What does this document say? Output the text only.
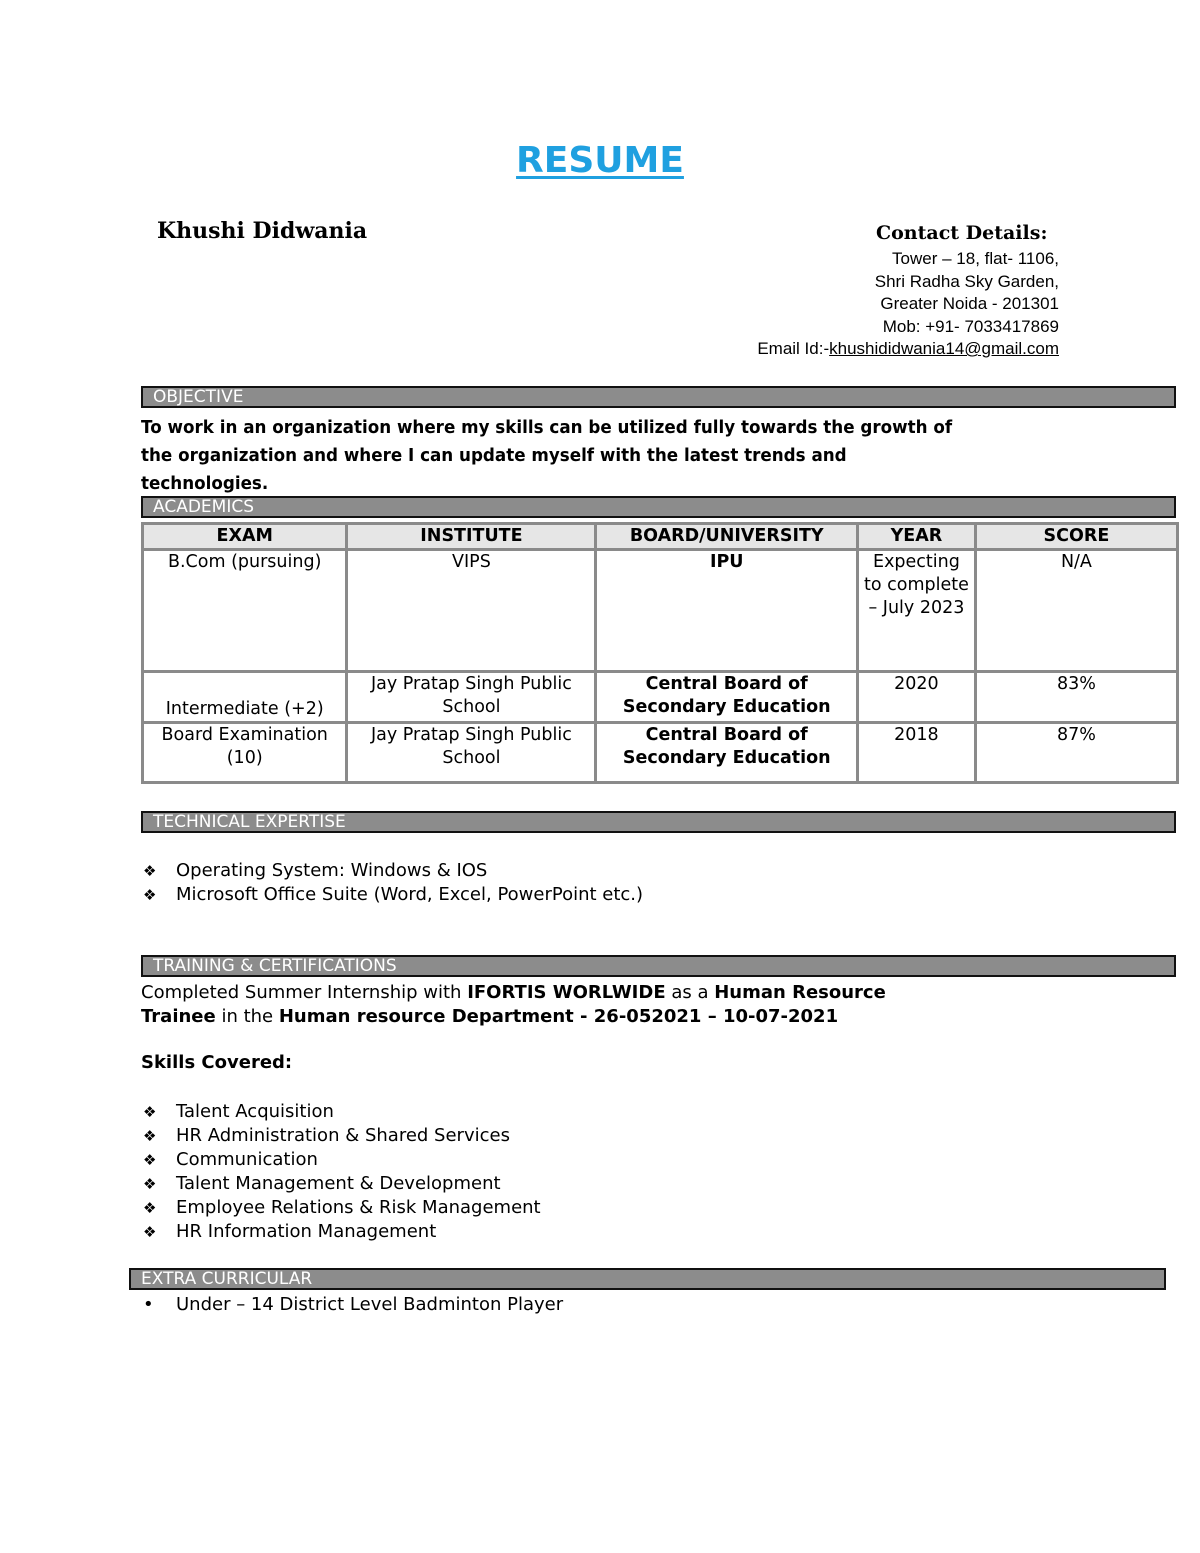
RESUME
Khushi Didwania	Contact Details:
Tower – 18, flat- 1106,
Shri Radha Sky Garden,
Greater Noida - 201301
Mob: +91- 7033417869
Email Id:-khushididwania14@gmail.com
OBJECTIVE
To work in an organization where my skills can be utilized fully towards the growth of the organization and where I can update myself with the latest trends and technologies.
ACADEMICS
EXAM	INSTITUTE	BOARD/UNIVERSITY	YEAR	SCORE
B.Com (pursuing)	VIPS	IPU	Expecting to complete – July 2023	N/A
Intermediate (+2)	Jay Pratap Singh Public School	Central Board of Secondary Education	2020	83%
Board Examination (10)	Jay Pratap Singh Public School	Central Board of Secondary Education	2018	87%
TECHNICAL EXPERTISE
❖ Operating System: Windows & IOS
❖ Microsoft Office Suite (Word, Excel, PowerPoint etc.)
TRAINING & CERTIFICATIONS
Completed Summer Internship with IFORTIS WORLWIDE as a Human Resource
Trainee in the Human resource Department - 26-052021 – 10-07-2021
Skills Covered:
❖ Talent Acquisition
❖ HR Administration & Shared Services
❖ Communication
❖ Talent Management & Development
❖ Employee Relations & Risk Management
❖ HR Information Management
EXTRA CURRICULAR
• Under – 14 District Level Badminton Player
